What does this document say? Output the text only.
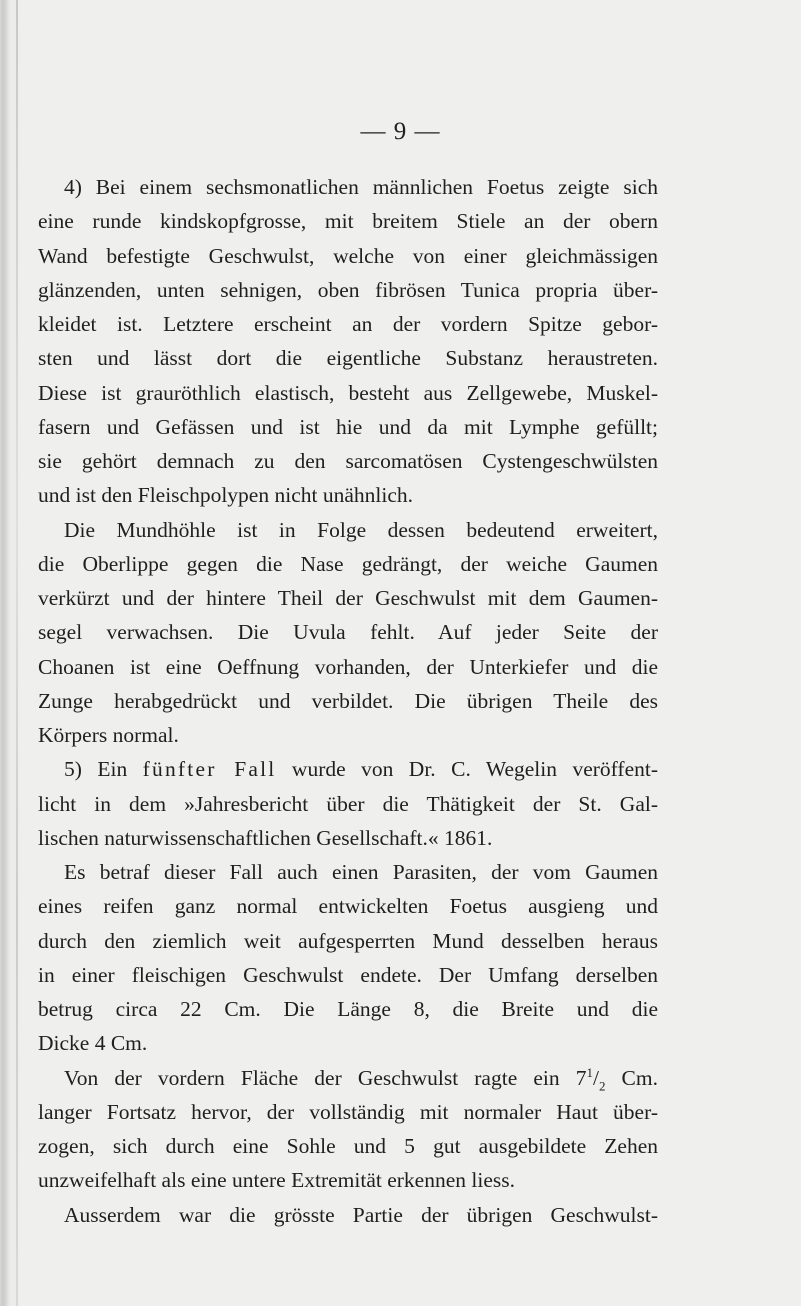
— 9 —
4) Bei einem sechsmonatlichen männlichen Foetus zeigte sich
eine runde kindskopfgrosse, mit breitem Stiele an der obern
Wand befestigte Geschwulst, welche von einer gleichmässigen
glänzenden, unten sehnigen, oben fibrösen Tunica propria über-
kleidet ist. Letztere erscheint an der vordern Spitze gebor-
sten und lässt dort die eigentliche Substanz heraustreten.
Diese ist grauröthlich elastisch, besteht aus Zellgewebe, Muskel-
fasern und Gefässen und ist hie und da mit Lymphe gefüllt;
sie gehört demnach zu den sarcomatösen Cystengeschwülsten
und ist den Fleischpolypen nicht unähnlich.
Die Mundhöhle ist in Folge dessen bedeutend erweitert,
die Oberlippe gegen die Nase gedrängt, der weiche Gaumen
verkürzt und der hintere Theil der Geschwulst mit dem Gaumen-
segel verwachsen. Die Uvula fehlt. Auf jeder Seite der
Choanen ist eine Oeffnung vorhanden, der Unterkiefer und die
Zunge herabgedrückt und verbildet. Die übrigen Theile des
Körpers normal.
5) Ein fünfter Fall wurde von Dr. C. Wegelin veröffent-
licht in dem »Jahresbericht über die Thätigkeit der St. Gal-
lischen naturwissenschaftlichen Gesellschaft.« 1861.
Es betraf dieser Fall auch einen Parasiten, der vom Gaumen
eines reifen ganz normal entwickelten Foetus ausgieng und
durch den ziemlich weit aufgesperrten Mund desselben heraus
in einer fleischigen Geschwulst endete. Der Umfang derselben
betrug circa 22 Cm. Die Länge 8, die Breite und die
Dicke 4 Cm.
Von der vordern Fläche der Geschwulst ragte ein $7^1/_2$ Cm.
langer Fortsatz hervor, der vollständig mit normaler Haut über-
zogen, sich durch eine Sohle und 5 gut ausgebildete Zehen
unzweifelhaft als eine untere Extremität erkennen liess.
Ausserdem war die grösste Partie der übrigen Geschwulst-
